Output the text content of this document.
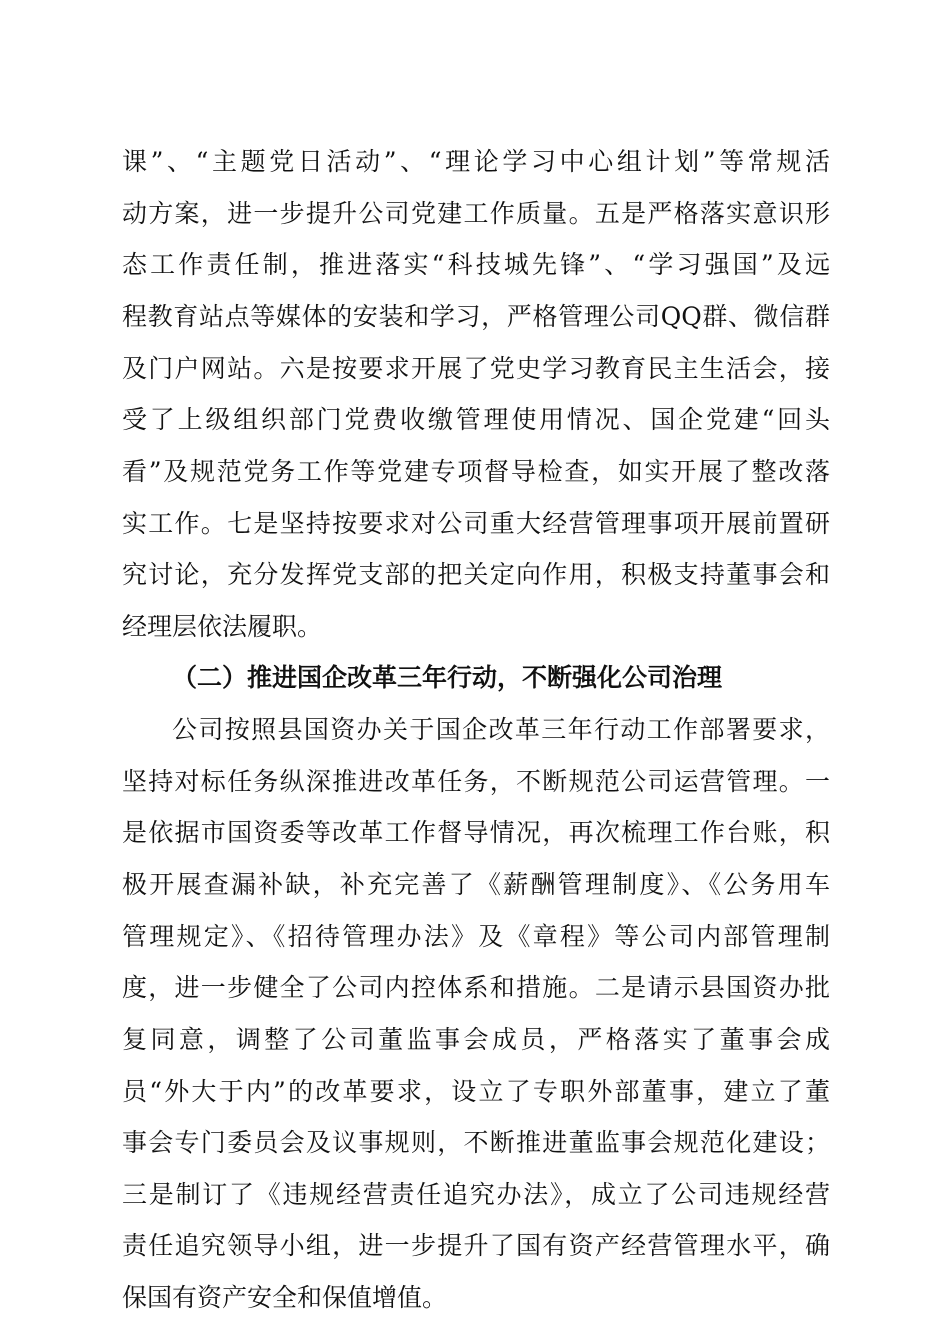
课”、“主题党日活动”、“理论学习中心组计划”等常规活
动方案，进一步提升公司党建工作质量。五是严格落实意识形
态工作责任制，推进落实“科技城先锋”、“学习强国”及远
程教育站点等媒体的安装和学习，严格管理公司QQ群、微信群
及门户网站。六是按要求开展了党史学习教育民主生活会，接
受了上级组织部门党费收缴管理使用情况、国企党建“回头
看”及规范党务工作等党建专项督导检查，如实开展了整改落
实工作。七是坚持按要求对公司重大经营管理事项开展前置研
究讨论，充分发挥党支部的把关定向作用，积极支持董事会和
经理层依法履职。
（二）推进国企改革三年行动，不断强化公司治理
公司按照县国资办关于国企改革三年行动工作部署要求，
坚持对标任务纵深推进改革任务，不断规范公司运营管理。一
是依据市国资委等改革工作督导情况，再次梳理工作台账，积
极开展查漏补缺，补充完善了《薪酬管理制度》、《公务用车
管理规定》、《招待管理办法》及《章程》等公司内部管理制
度，进一步健全了公司内控体系和措施。二是请示县国资办批
复同意，调整了公司董监事会成员，严格落实了董事会成
员“外大于内”的改革要求，设立了专职外部董事，建立了董
事会专门委员会及议事规则，不断推进董监事会规范化建设；
三是制订了《违规经营责任追究办法》，成立了公司违规经营
责任追究领导小组，进一步提升了国有资产经营管理水平，确
保国有资产安全和保值增值。
